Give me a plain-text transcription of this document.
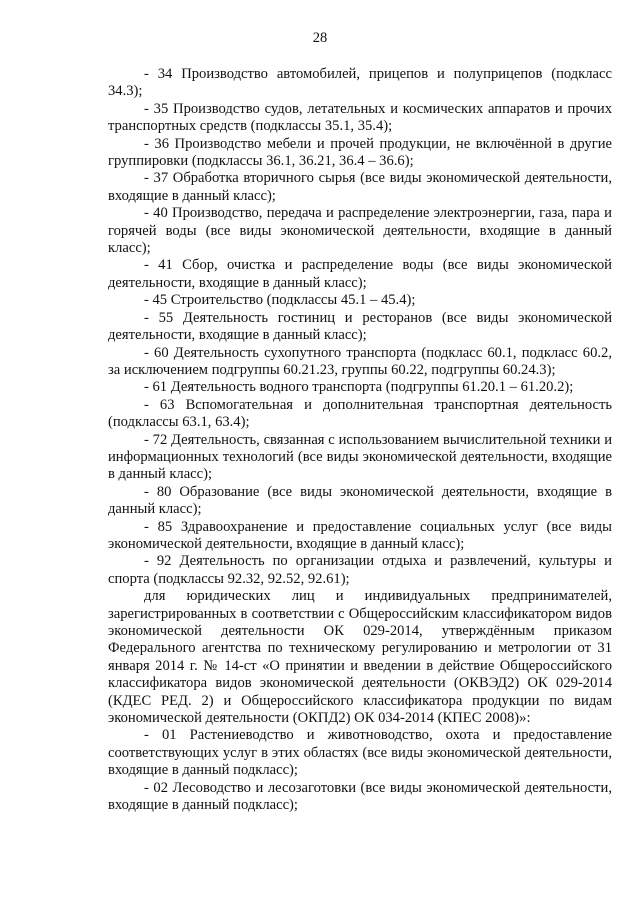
28

- 34 Производство автомобилей, прицепов и полуприцепов (подкласс 34.3);

- 35 Производство судов, летательных и космических аппаратов и прочих транспортных средств (подклассы 35.1, 35.4);

- 36 Производство мебели и прочей продукции, не включённой в другие группировки (подклассы 36.1, 36.21, 36.4 – 36.6);

- 37 Обработка вторичного сырья (все виды экономической деятельности, входящие в данный класс);

- 40 Производство, передача и распределение электроэнергии, газа, пара и горячей воды (все виды экономической деятельности, входящие в данный класс);

- 41 Сбор, очистка и распределение воды (все виды экономической деятельности, входящие в данный класс);

- 45 Строительство (подклассы 45.1 – 45.4);

- 55 Деятельность гостиниц и ресторанов (все виды экономической деятельности, входящие в данный класс);

- 60 Деятельность сухопутного транспорта (подкласс 60.1, подкласс 60.2, за исключением подгруппы 60.21.23, группы 60.22, подгруппы 60.24.3);

- 61 Деятельность водного транспорта (подгруппы 61.20.1 – 61.20.2);

- 63 Вспомогательная и дополнительная транспортная деятельность (подклассы 63.1, 63.4);

- 72 Деятельность, связанная с использованием вычислительной техники и информационных технологий (все виды экономической деятельности, входящие в данный класс);

- 80 Образование (все виды экономической деятельности, входящие в данный класс);

- 85 Здравоохранение и предоставление социальных услуг (все виды экономической деятельности, входящие в данный класс);

- 92 Деятельность по организации отдыха и развлечений, культуры и спорта (подклассы 92.32, 92.52, 92.61);

для юридических лиц и индивидуальных предпринимателей, зарегистрированных в соответствии с Общероссийским классификатором видов экономической деятельности ОК 029-2014, утверждённым приказом Федерального агентства по техническому регулированию и метрологии от 31 января 2014 г. № 14-ст «О принятии и введении в действие Общероссийского классификатора видов экономической деятельности (ОКВЭД2) ОК 029-2014 (КДЕС РЕД. 2) и Общероссийского классификатора продукции по видам экономической деятельности (ОКПД2) ОК 034-2014 (КПЕС 2008)»:

- 01 Растениеводство и животноводство, охота и предоставление соответствующих услуг в этих областях (все виды экономической деятельности, входящие в данный подкласс);

- 02 Лесоводство и лесозаготовки (все виды экономической деятельности, входящие в данный подкласс);
